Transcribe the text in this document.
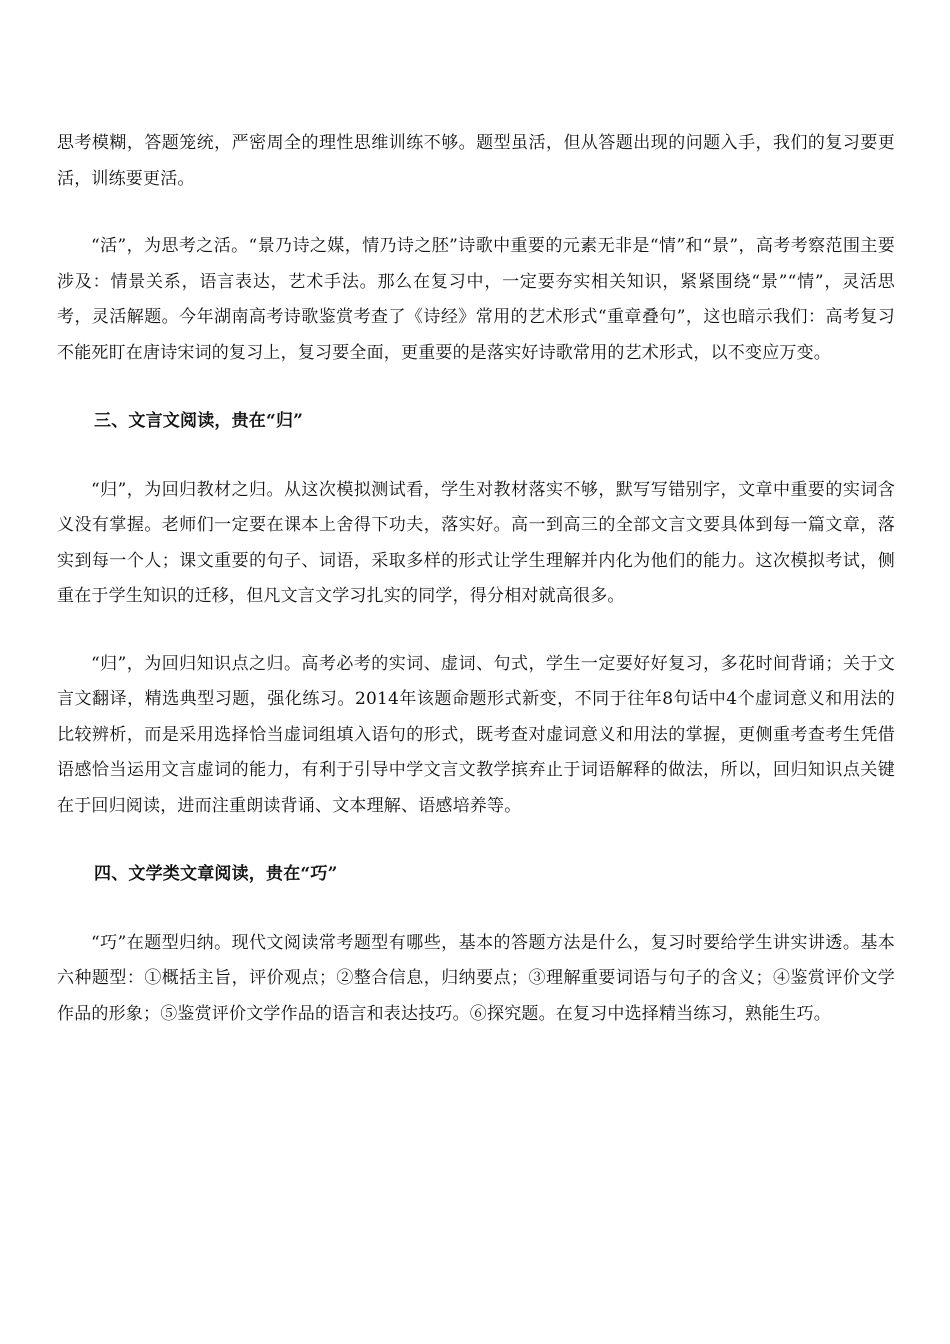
思考模糊，答题笼统，严密周全的理性思维训练不够。题型虽活，但从答题出现的问题入手，我们的复习要更活，训练要更活。

“活”，为思考之活。“景乃诗之媒，情乃诗之胚”诗歌中重要的元素无非是“情”和“景”，高考考察范围主要涉及：情景关系，语言表达，艺术手法。那么在复习中，一定要夯实相关知识，紧紧围绕“景”“情”，灵活思考，灵活解题。今年湖南高考诗歌鉴赏考查了《诗经》常用的艺术形式“重章叠句”，这也暗示我们：高考复习不能死盯在唐诗宋词的复习上，复习要全面，更重要的是落实好诗歌常用的艺术形式，以不变应万变。

三、文言文阅读，贵在“归”

“归”，为回归教材之归。从这次模拟测试看，学生对教材落实不够，默写写错别字，文章中重要的实词含义没有掌握。老师们一定要在课本上舍得下功夫，落实好。高一到高三的全部文言文要具体到每一篇文章，落实到每一个人；课文重要的句子、词语，采取多样的形式让学生理解并内化为他们的能力。这次模拟考试，侧重在于学生知识的迁移，但凡文言文学习扎实的同学，得分相对就高很多。

“归”，为回归知识点之归。高考必考的实词、虚词、句式，学生一定要好好复习，多花时间背诵；关于文言文翻译，精选典型习题，强化练习。2014年该题命题形式新变，不同于往年8句话中4个虚词意义和用法的比较辨析，而是采用选择恰当虚词组填入语句的形式，既考查对虚词意义和用法的掌握，更侧重考查考生凭借语感恰当运用文言虚词的能力，有利于引导中学文言文教学摈弃止于词语解释的做法，所以，回归知识点关键在于回归阅读，进而注重朗读背诵、文本理解、语感培养等。

四、文学类文章阅读，贵在“巧”

“巧”在题型归纳。现代文阅读常考题型有哪些，基本的答题方法是什么，复习时要给学生讲实讲透。基本六种题型：①概括主旨，评价观点；②整合信息，归纳要点；③理解重要词语与句子的含义；④鉴赏评价文学作品的形象；⑤鉴赏评价文学作品的语言和表达技巧。⑥探究题。在复习中选择精当练习，熟能生巧。
